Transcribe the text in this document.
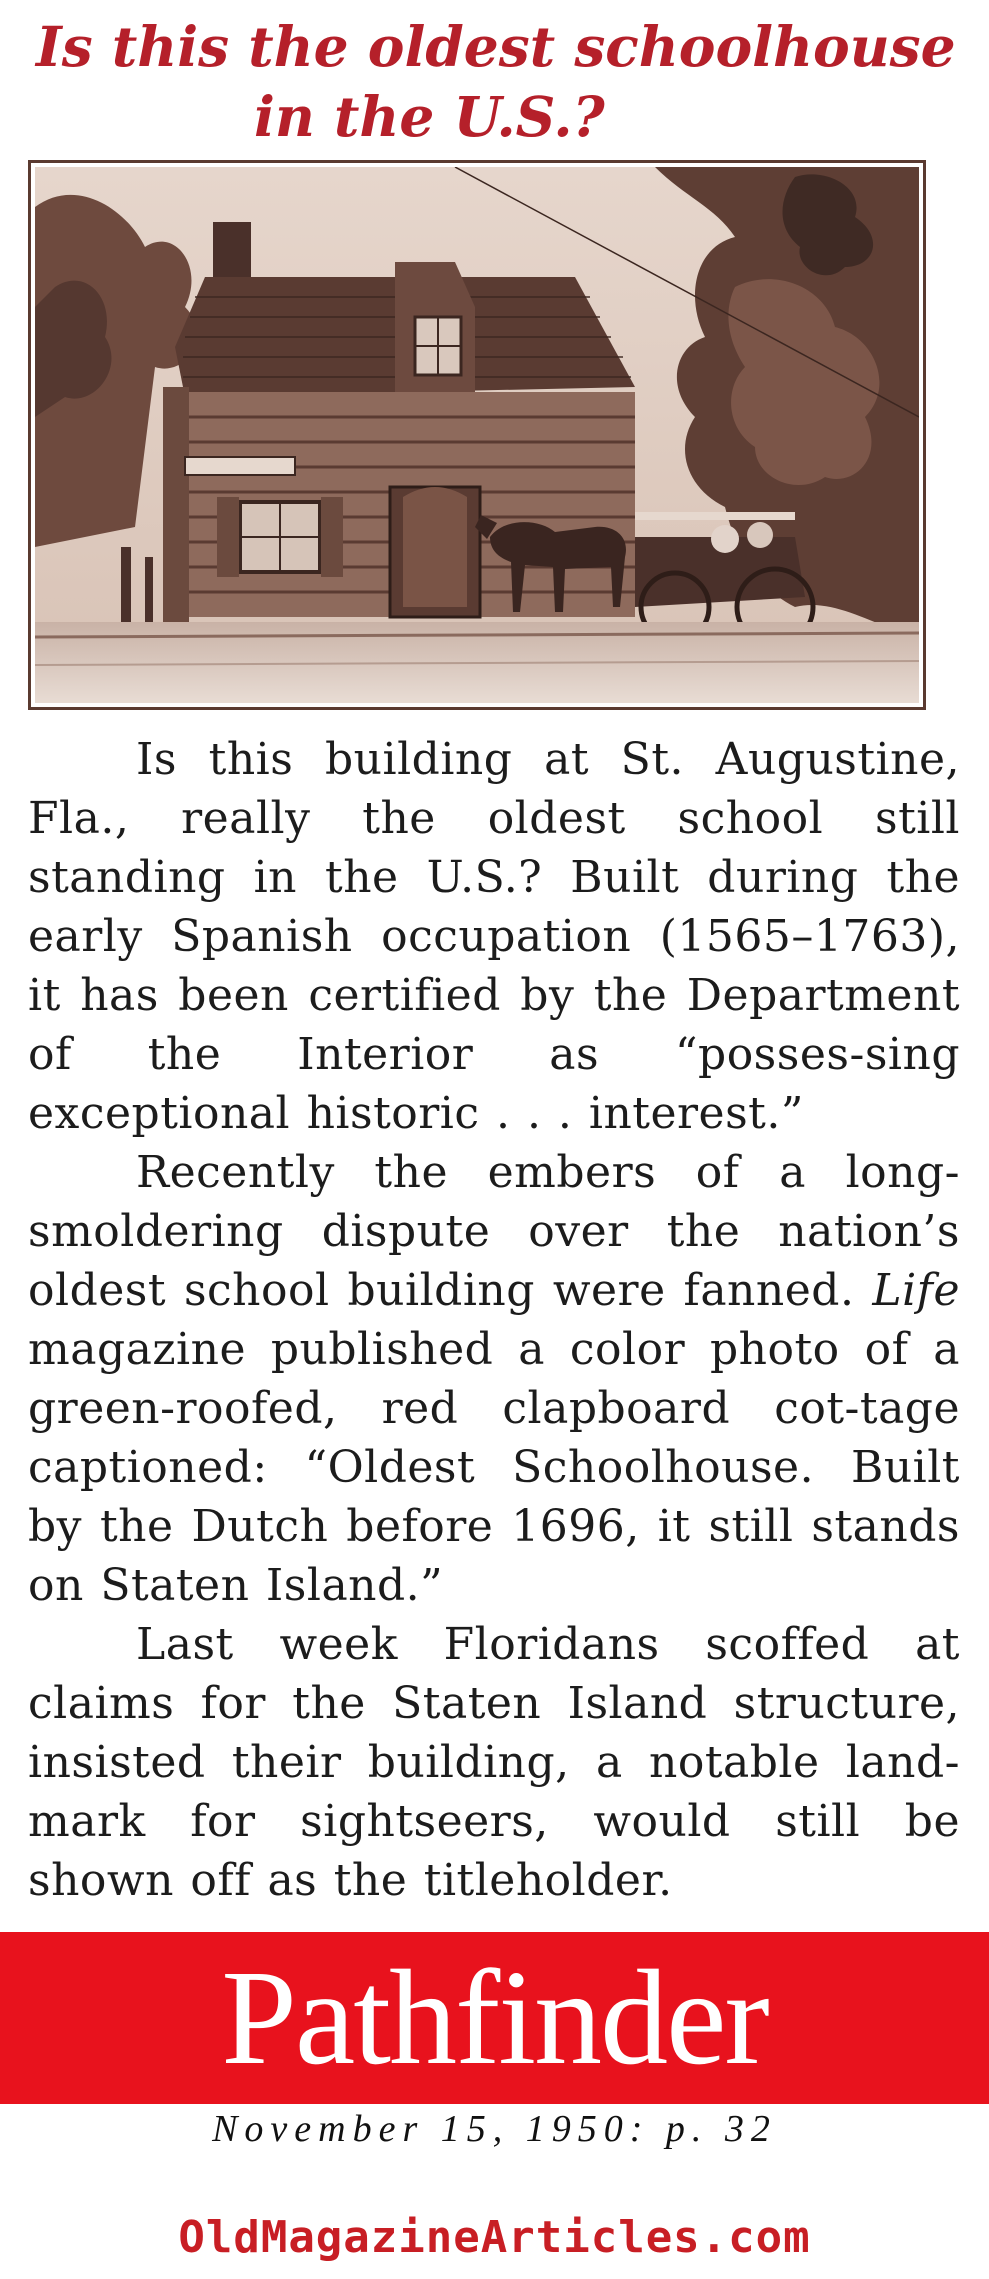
Is this the oldest schoolhouse
in the U.S.?

Is this building at St. Augustine, Fla., really the oldest school still standing in the U.S.? Built during the early Spanish occupation (1565–1763), it has been certified by the Department of the Interior as “posses-sing exceptional historic . . . interest.”

Recently the embers of a long-smoldering dispute over the nation’s oldest school building were fanned. Life magazine published a color photo of a green-roofed, red clapboard cot-tage captioned: “Oldest Schoolhouse. Built by the Dutch before 1696, it still stands on Staten Island.”

Last week Floridans scoffed at claims for the Staten Island structure, insisted their building, a notable land-mark for sightseers, would still be shown off as the titleholder.

Pathfinder
November 15, 1950: p. 32
OldMagazineArticles.com
